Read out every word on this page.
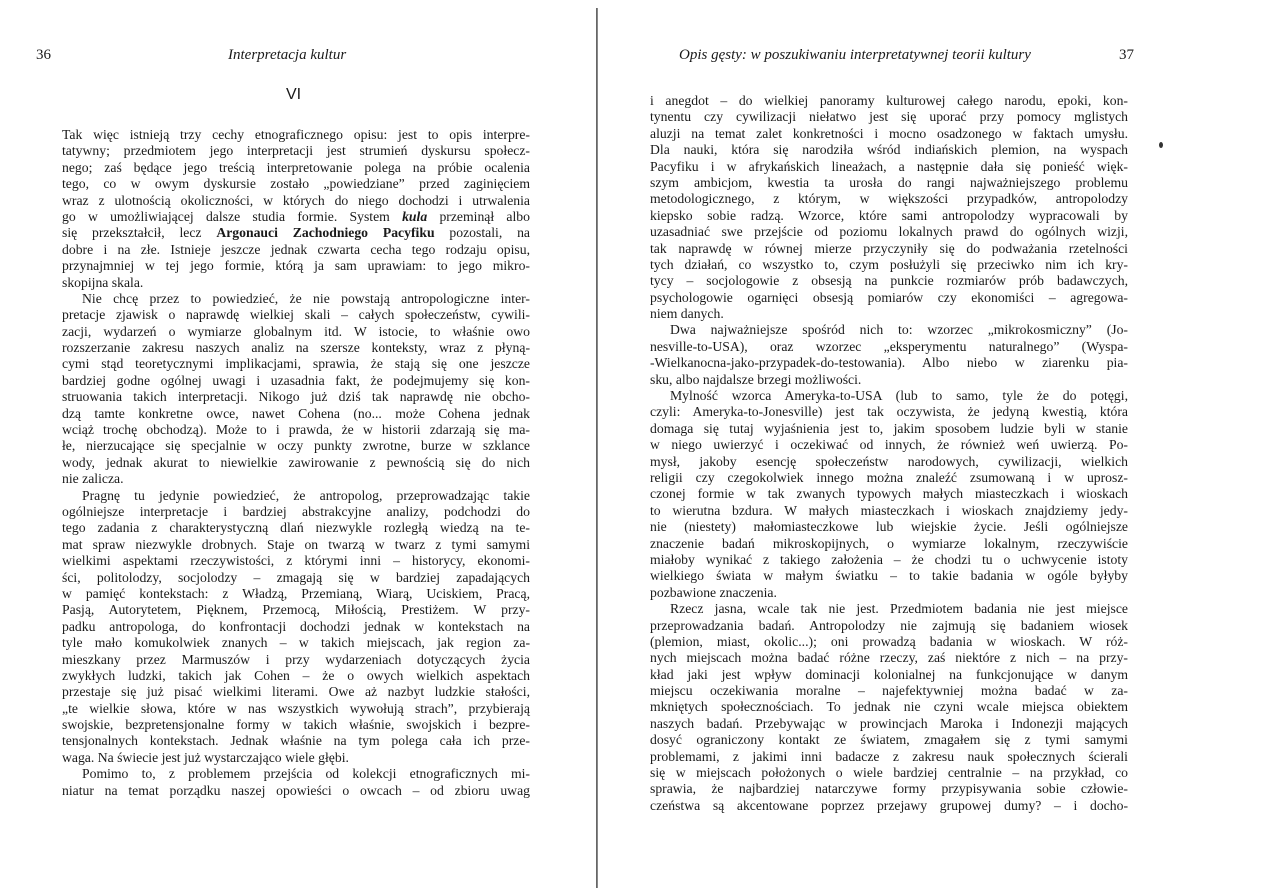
36	Interpretacja kultur
VI
Tak więc istnieją trzy cechy etnograficznego opisu: jest to opis interpre-
tatywny; przedmiotem jego interpretacji jest strumień dyskursu społecz-
nego; zaś będące jego treścią interpretowanie polega na próbie ocalenia
tego, co w owym dyskursie zostało „powiedziane” przed zaginięciem
wraz z ulotnością okoliczności, w których do niego dochodzi i utrwalenia
go w umożliwiającej dalsze studia formie. System kula przeminął albo
się przekształcił, lecz Argonauci Zachodniego Pacyfiku pozostali, na
dobre i na złe. Istnieje jeszcze jednak czwarta cecha tego rodzaju opisu,
przynajmniej w tej jego formie, którą ja sam uprawiam: to jego mikro-
skopijna skala.
Nie chcę przez to powiedzieć, że nie powstają antropologiczne inter-
pretacje zjawisk o naprawdę wielkiej skali – całych społeczeństw, cywili-
zacji, wydarzeń o wymiarze globalnym itd. W istocie, to właśnie owo
rozszerzanie zakresu naszych analiz na szersze konteksty, wraz z płyną-
cymi stąd teoretycznymi implikacjami, sprawia, że stają się one jeszcze
bardziej godne ogólnej uwagi i uzasadnia fakt, że podejmujemy się kon-
struowania takich interpretacji. Nikogo już dziś tak naprawdę nie obcho-
dzą tamte konkretne owce, nawet Cohena (no... może Cohena jednak
wciąż trochę obchodzą). Może to i prawda, że w historii zdarzają się ma-
łe, nierzucające się specjalnie w oczy punkty zwrotne, burze w szklance
wody, jednak akurat to niewielkie zawirowanie z pewnością się do nich
nie zalicza.
Pragnę tu jedynie powiedzieć, że antropolog, przeprowadzając takie
ogólniejsze interpretacje i bardziej abstrakcyjne analizy, podchodzi do
tego zadania z charakterystyczną dlań niezwykle rozległą wiedzą na te-
mat spraw niezwykle drobnych. Staje on twarzą w twarz z tymi samymi
wielkimi aspektami rzeczywistości, z którymi inni – historycy, ekonomi-
ści, politolodzy, socjolodzy – zmagają się w bardziej zapadających
w pamięć kontekstach: z Władzą, Przemianą, Wiarą, Uciskiem, Pracą,
Pasją, Autorytetem, Pięknem, Przemocą, Miłością, Prestiżem. W przy-
padku antropologa, do konfrontacji dochodzi jednak w kontekstach na
tyle mało komukolwiek znanych – w takich miejscach, jak region za-
mieszkany przez Marmuszów i przy wydarzeniach dotyczących życia
zwykłych ludzki, takich jak Cohen – że o owych wielkich aspektach
przestaje się już pisać wielkimi literami. Owe aż nazbyt ludzkie stałości,
„te wielkie słowa, które w nas wszystkich wywołują strach”, przybierają
swojskie, bezpretensjonalne formy w takich właśnie, swojskich i bezpre-
tensjonalnych kontekstach. Jednak właśnie na tym polega cała ich prze-
waga. Na świecie jest już wystarczająco wiele głębi.
Pomimo to, z problemem przejścia od kolekcji etnograficznych mi-
niatur na temat porządku naszej opowieści o owcach – od zbioru uwag
Opis gęsty: w poszukiwaniu interpretatywnej teorii kultury	37
i anegdot – do wielkiej panoramy kulturowej całego narodu, epoki, kon-
tynentu czy cywilizacji niełatwo jest się uporać przy pomocy mglistych
aluzji na temat zalet konkretności i mocno osadzonego w faktach umysłu.
Dla nauki, która się narodziła wśród indiańskich plemion, na wyspach
Pacyfiku i w afrykańskich lineażach, a następnie dała się ponieść więk-
szym ambicjom, kwestia ta urosła do rangi najważniejszego problemu
metodologicznego, z którym, w większości przypadków, antropolodzy
kiepsko sobie radzą. Wzorce, które sami antropolodzy wypracowali by
uzasadniać swe przejście od poziomu lokalnych prawd do ogólnych wizji,
tak naprawdę w równej mierze przyczyniły się do podważania rzetelności
tych działań, co wszystko to, czym posłużyli się przeciwko nim ich kry-
tycy – socjologowie z obsesją na punkcie rozmiarów prób badawczych,
psychologowie ogarnięci obsesją pomiarów czy ekonomiści – agregowa-
niem danych.
Dwa najważniejsze spośród nich to: wzorzec „mikrokosmiczny” (Jo-
nesville-to-USA), oraz wzorzec „eksperymentu naturalnego” (Wyspa-
-Wielkanocna-jako-przypadek-do-testowania). Albo niebo w ziarenku pia-
sku, albo najdalsze brzegi możliwości.
Mylność wzorca Ameryka-to-USA (lub to samo, tyle że do potęgi,
czyli: Ameryka-to-Jonesville) jest tak oczywista, że jedyną kwestią, która
domaga się tutaj wyjaśnienia jest to, jakim sposobem ludzie byli w stanie
w niego uwierzyć i oczekiwać od innych, że również weń uwierzą. Po-
mysł, jakoby esencję społeczeństw narodowych, cywilizacji, wielkich
religii czy czegokolwiek innego można znaleźć zsumowaną i w uprosz-
czonej formie w tak zwanych typowych małych miasteczkach i wioskach
to wierutna bzdura. W małych miasteczkach i wioskach znajdziemy jedy-
nie (niestety) małomiasteczkowe lub wiejskie życie. Jeśli ogólniejsze
znaczenie badań mikroskopijnych, o wymiarze lokalnym, rzeczywiście
miałoby wynikać z takiego założenia – że chodzi tu o uchwycenie istoty
wielkiego świata w małym światku – to takie badania w ogóle byłyby
pozbawione znaczenia.
Rzecz jasna, wcale tak nie jest. Przedmiotem badania nie jest miejsce
przeprowadzania badań. Antropolodzy nie zajmują się badaniem wiosek
(plemion, miast, okolic...); oni prowadzą badania w wioskach. W róż-
nych miejscach można badać różne rzeczy, zaś niektóre z nich – na przy-
kład jaki jest wpływ dominacji kolonialnej na funkcjonujące w danym
miejscu oczekiwania moralne – najefektywniej można badać w za-
mkniętych społecznościach. To jednak nie czyni wcale miejsca obiektem
naszych badań. Przebywając w prowincjach Maroka i Indonezji mających
dosyć ograniczony kontakt ze światem, zmagałem się z tymi samymi
problemami, z jakimi inni badacze z zakresu nauk społecznych ścierali
się w miejscach położonych o wiele bardziej centralnie – na przykład, co
sprawia, że najbardziej natarczywe formy przypisywania sobie człowie-
czeństwa są akcentowane poprzez przejawy grupowej dumy? – i docho-
